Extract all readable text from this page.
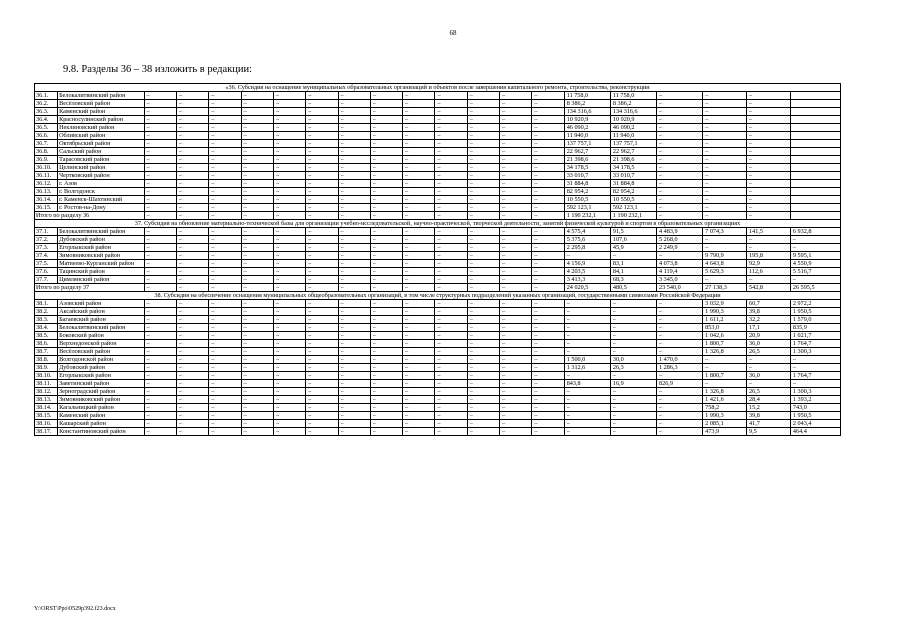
68
9.8. Разделы 36 – 38 изложить в редакции:
«36. Субсидия на оснащение муниципальных образовательных организаций и объектов после завершения капитального ремонта, строительства, реконструкции																				
36.1.	Белокалитвинский район	–	–	–	–	–	–	–	–	–	–	–	–	–	11 758,0	11 758,0	–	–	–	
36.2.	Весёловский район	–	–	–	–	–	–	–	–	–	–	–	–	–	8 386,2	8 386,2	–	–	–	
36.3.	Каменский район	–	–	–	–	–	–	–	–	–	–	–	–	–	134 316,6	134 316,6	–	–	–	
36.4.	Красносулинский район	–	–	–	–	–	–	–	–	–	–	–	–	–	10 920,9	10 920,9	–	–	–	
36.5.	Неклиновский район	–	–	–	–	–	–	–	–	–	–	–	–	–	46 090,2	46 090,2	–	–	–	
36.6.	Обливский район	–	–	–	–	–	–	–	–	–	–	–	–	–	11 940,0	11 940,0	–	–	–	
36.7.	Октябрьский район	–	–	–	–	–	–	–	–	–	–	–	–	–	137 757,1	137 757,1	–	–	–	
36.8.	Сальский район	–	–	–	–	–	–	–	–	–	–	–	–	–	22 962,7	22 962,7	–	–	–	
36.9.	Тарасовский район	–	–	–	–	–	–	–	–	–	–	–	–	–	21 398,6	21 398,6	–	–	–	
36.10.	Целинский район	–	–	–	–	–	–	–	–	–	–	–	–	–	34 178,5	34 178,5	–	–	–	
36.11.	Чертковский район	–	–	–	–	–	–	–	–	–	–	–	–	–	33 010,7	33 010,7	–	–	–	
36.12.	г. Азов	–	–	–	–	–	–	–	–	–	–	–	–	–	31 884,8	31 884,8	–	–	–	
36.13.	г. Волгодонск	–	–	–	–	–	–	–	–	–	–	–	–	–	82 954,2	82 954,2	–	–	–	
36.14.	г. Каменск-Шахтинский	–	–	–	–	–	–	–	–	–	–	–	–	–	10 550,5	10 550,5	–	–	–	
36.15.	г. Ростов-на-Дону	–	–	–	–	–	–	–	–	–	–	–	–	–	592 123,1	592 123,1	–	–	–	
Итого по разделу 36		–	–	–	–	–	–	–	–	–	–	–	–	–	1 190 232,1	1 190 232,1	–	–	–	
37. Субсидия на обновление материально-технической базы для организации учебно-исследовательской, научно-практической, творческой деятельности, занятий физической культурой и спортом в образовательных организациях																				
37.1.	Белокалитвинский район	–	–	–	–	–	–	–	–	–	–	–	–	–	4 575,4	91,5	4 483,9	7 074,3	141,5	6 932,8
37.2.	Дубовский район	–	–	–	–	–	–	–	–	–	–	–	–	–	5 375,6	107,6	5 268,0	–	–	–
37.3.	Егорлыкский район	–	–	–	–	–	–	–	–	–	–	–	–	–	2 295,8	45,9	2 249,9	–	–	–
37.4.	Зимовниковский район	–	–	–	–	–	–	–	–	–	–	–	–	–	–	–	–	9 790,9	195,8	9 595,1
37.5.	Матвеево-Курганский район	–	–	–	–	–	–	–	–	–	–	–	–	–	4 156,9	83,1	4 073,8	4 643,8	92,9	4 550,9
37.6.	Тацинский район	–	–	–	–	–	–	–	–	–	–	–	–	–	4 203,5	84,1	4 119,4	5 629,3	112,6	5 516,7
37.7.	Цимлянский район	–	–	–	–	–	–	–	–	–	–	–	–	–	3 413,3	68,3	3 345,0	–	–	–
Итого по разделу 37		–	–	–	–	–	–	–	–	–	–	–	–	–	24 020,5	480,5	23 540,0	27 138,3	542,8	26 595,5
38. Субсидия на обеспечение оснащения муниципальных общеобразовательных организаций, в том числе структурных подразделений указанных организаций, государственными символами Российской Федерации																				
38.1.	Азовский район	–	–	–	–	–	–	–	–	–	–	–	–	–	–	–	–	3 032,9	60,7	2 972,2
38.2.	Аксайский район	–	–	–	–	–	–	–	–	–	–	–	–	–	–	–	–	1 990,3	39,8	1 950,5
38.3.	Багаевский район	–	–	–	–	–	–	–	–	–	–	–	–	–	–	–	–	1 611,2	32,2	1 579,0
38.4.	Белокалитвинский район	–	–	–	–	–	–	–	–	–	–	–	–	–	–	–	–	853,0	17,1	835,9
38.5.	Боковский район	–	–	–	–	–	–	–	–	–	–	–	–	–	–	–	–	1 042,6	20,9	1 021,7
38.6.	Верхнедонской район	–	–	–	–	–	–	–	–	–	–	–	–	–	–	–	–	1 800,7	36,0	1 764,7
38.7.	Весёловский район	–	–	–	–	–	–	–	–	–	–	–	–	–	–	–	–	1 326,8	26,5	1 300,3
38.8.	Волгодонской район	–	–	–	–	–	–	–	–	–	–	–	–	–	1 500,0	30,0	1 470,0	–	–	–
38.9.	Дубовский район	–	–	–	–	–	–	–	–	–	–	–	–	–	1 312,6	26,3	1 286,3	–	–	–
38.10.	Егорлыкский район	–	–	–	–	–	–	–	–	–	–	–	–	–	–	–	–	1 800,7	36,0	1 764,7
38.11.	Заветинский район	–	–	–	–	–	–	–	–	–	–	–	–	–	843,8	16,9	826,9	–	–	–
38.12.	Зерноградский район	–	–	–	–	–	–	–	–	–	–	–	–	–	–	–	–	1 326,8	26,5	1 300,3
38.13.	Зимовниковский район	–	–	–	–	–	–	–	–	–	–	–	–	–	–	–	–	1 421,6	28,4	1 393,2
38.14.	Кагальницкий район	–	–	–	–	–	–	–	–	–	–	–	–	–	–	–	–	758,2	15,2	743,0
38.15.	Каменский район	–	–	–	–	–	–	–	–	–	–	–	–	–	–	–	–	1 990,3	39,8	1 950,5
38.16.	Кашарский район	–	–	–	–	–	–	–	–	–	–	–	–	–	–	–	–	2 085,1	41,7	2 043,4
38.17.	Константиновский район	–	–	–	–	–	–	–	–	–	–	–	–	–	–	–	–	473,9	9,5	464,4
Y:\ORST\Ppo\0529p392.f23.docx
